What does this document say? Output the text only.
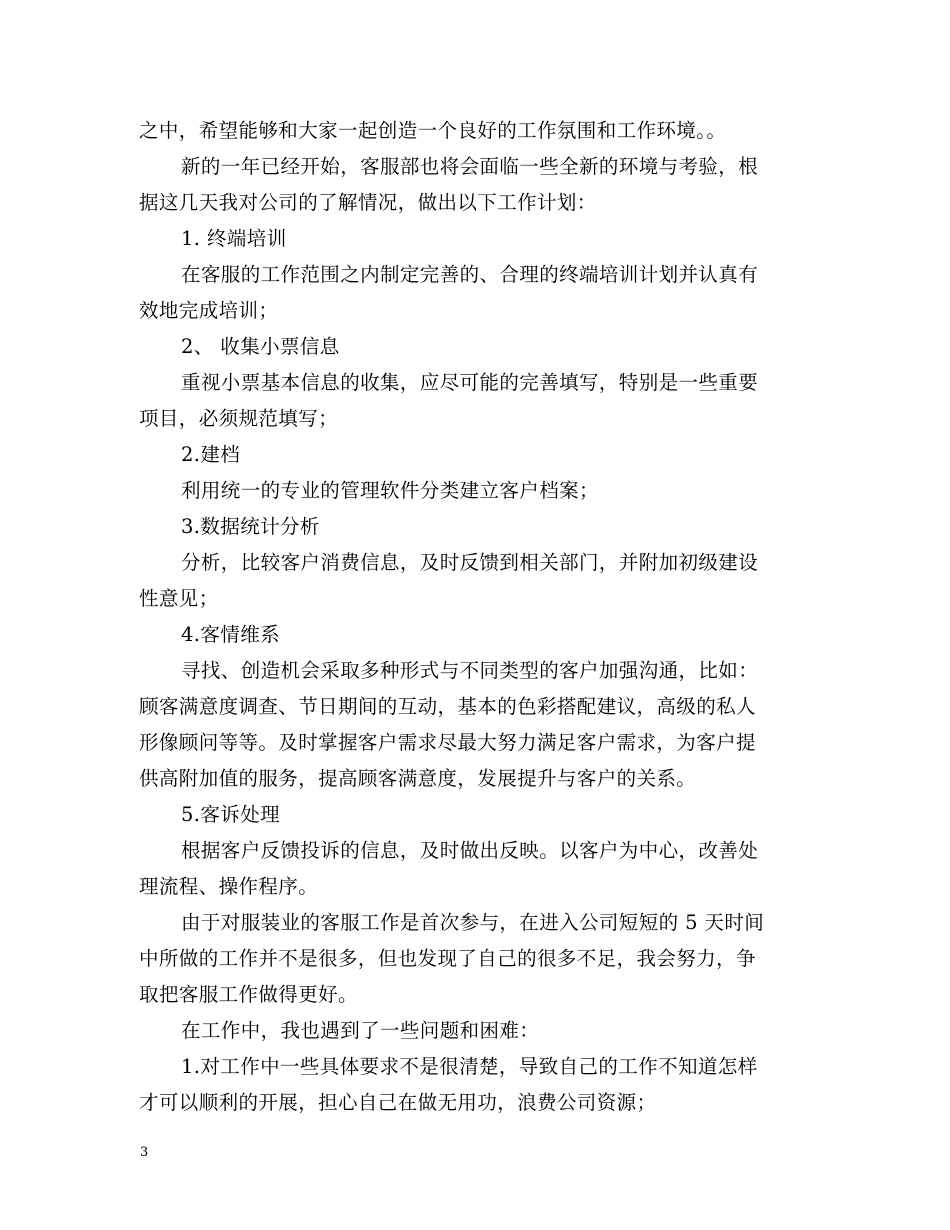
之中，希望能够和大家一起创造一个良好的工作氛围和工作环境。。
新的一年已经开始，客服部也将会面临一些全新的环境与考验，根
据这几天我对公司的了解情况，做出以下工作计划：
1. 终端培训
在客服的工作范围之内制定完善的、合理的终端培训计划并认真有
效地完成培训；
2、 收集小票信息
重视小票基本信息的收集，应尽可能的完善填写，特别是一些重要
项目，必须规范填写；
2.建档
利用统一的专业的管理软件分类建立客户档案；
3.数据统计分析
分析，比较客户消费信息，及时反馈到相关部门，并附加初级建设
性意见；
4.客情维系
寻找、创造机会采取多种形式与不同类型的客户加强沟通，比如：
顾客满意度调查、节日期间的互动，基本的色彩搭配建议，高级的私人
形像顾问等等。及时掌握客户需求尽最大努力满足客户需求，为客户提
供高附加值的服务，提高顾客满意度，发展提升与客户的关系。
5.客诉处理
根据客户反馈投诉的信息，及时做出反映。以客户为中心，改善处
理流程、操作程序。
由于对服装业的客服工作是首次参与，在进入公司短短的 5 天时间
中所做的工作并不是很多，但也发现了自己的很多不足，我会努力，争
取把客服工作做得更好。
在工作中，我也遇到了一些问题和困难：
1.对工作中一些具体要求不是很清楚，导致自己的工作不知道怎样
才可以顺利的开展，担心自己在做无用功，浪费公司资源；
3
